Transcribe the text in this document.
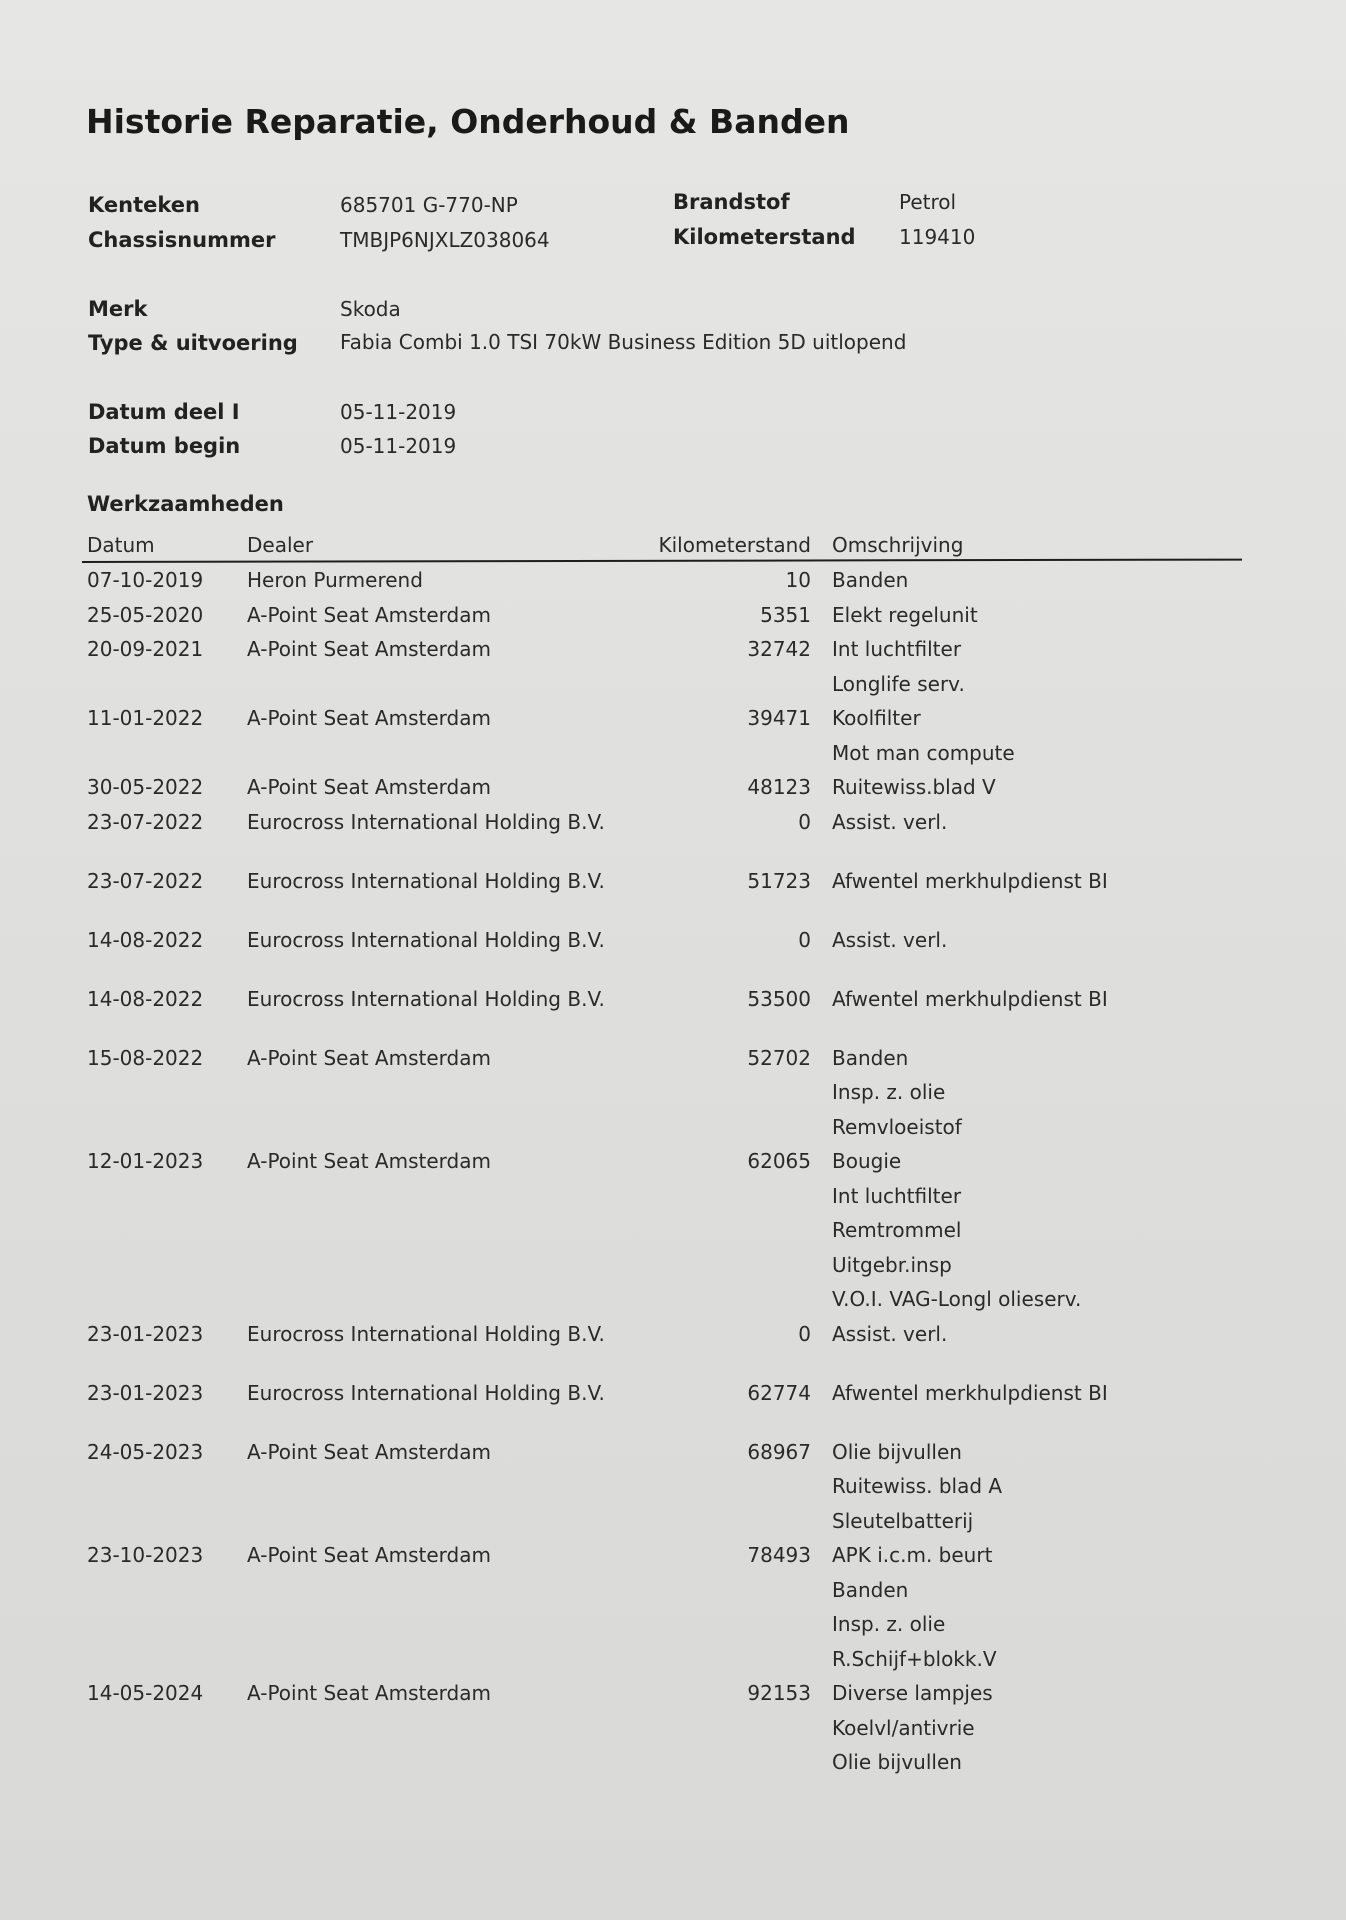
Historie Reparatie, Onderhoud & Banden
Kenteken	685701 G-770-NP
Chassisnummer	TMBJP6NJXLZ038064
Brandstof	Petrol
Kilometerstand 119410
Merk	Skoda
Type & uitvoering Fabia Combi 1.0 TSI 70kW Business Edition 5D uitlopend
Datum deel I	05-11-2019
Datum begin	05-11-2019
Werkzaamheden
Datum	Dealer	Kilometerstand Omschrijving
07-10-2019 Heron Purmerend	10 Banden
25-05-2020 A-Point Seat Amsterdam	5351 Elekt regelunit
20-09-2021 A-Point Seat Amsterdam	32742 Int luchtfilter
Longlife serv.
11-01-2022 A-Point Seat Amsterdam	39471 Koolfilter
Mot man compute
30-05-2022 A-Point Seat Amsterdam	48123 Ruitewiss.blad V
23-07-2022 Eurocross International Holding B.V.	0 Assist. verl.
23-07-2022 Eurocross International Holding B.V.	51723 Afwentel merkhulpdienst BI
14-08-2022 Eurocross International Holding B.V.	0 Assist. verl.
14-08-2022 Eurocross International Holding B.V.	53500 Afwentel merkhulpdienst BI
15-08-2022 A-Point Seat Amsterdam	52702 Banden
Insp. z. olie
Remvloeistof
12-01-2023 A-Point Seat Amsterdam	62065 Bougie
Int luchtfilter
Remtrommel
Uitgebr.insp
V.O.I. VAG-Longl olieserv.
23-01-2023 Eurocross International Holding B.V.	0 Assist. verl.
23-01-2023 Eurocross International Holding B.V.	62774 Afwentel merkhulpdienst BI
24-05-2023 A-Point Seat Amsterdam	68967 Olie bijvullen
Ruitewiss. blad A
Sleutelbatterij
23-10-2023 A-Point Seat Amsterdam	78493 APK i.c.m. beurt
Banden
Insp. z. olie
R.Schijf+blokk.V
14-05-2024 A-Point Seat Amsterdam	92153 Diverse lampjes
Koelvl/antivrie
Olie bijvullen
